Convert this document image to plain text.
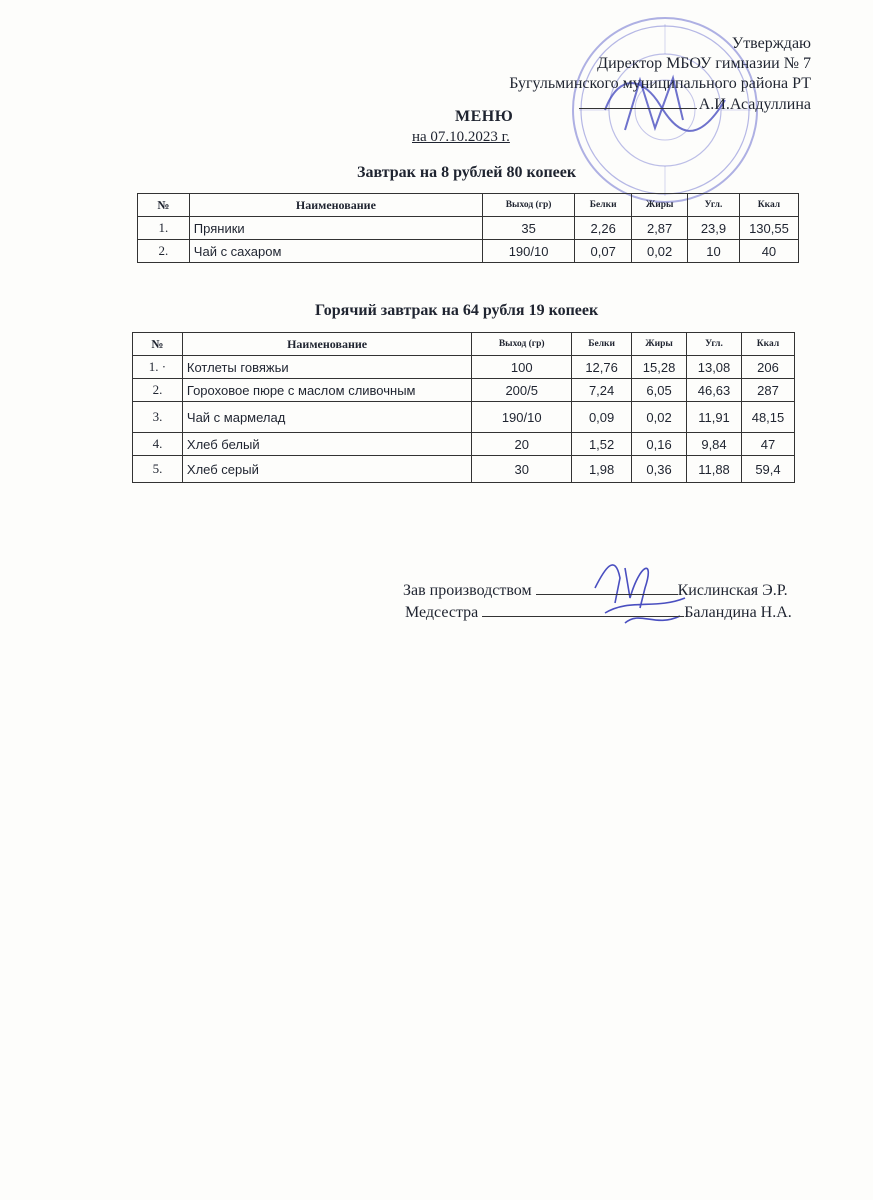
Утверждаю
Директор МБОУ гимназии № 7
Бугульминского муниципального района РТ
А.И.Асадуллина
МЕНЮ
на 07.10.2023 г.
Завтрак на 8 рублей 80 копеек
№	Наименование	Выход (гр)	Белки	Жиры	Угл.	Ккал
1.	Пряники	35	2,26	2,87	23,9	130,55
2.	Чай с сахаром	190/10	0,07	0,02	10	40
Горячий завтрак на 64 рубля 19 копеек
№	Наименование	Выход (гр)	Белки	Жиры	Угл.	Ккал
1. ·	Котлеты говяжьи	100	12,76	15,28	13,08	206
2.	Гороховое пюре с маслом сливочным	200/5	7,24	6,05	46,63	287
3.	Чай с мармелад	190/10	0,09	0,02	11,91	48,15
4.	Хлеб белый	20	1,52	0,16	9,84	47
5.	Хлеб серый	30	1,98	0,36	11,88	59,4
Зав производством	Кислинская Э.Р.
Медсестра	Баландина Н.А.
